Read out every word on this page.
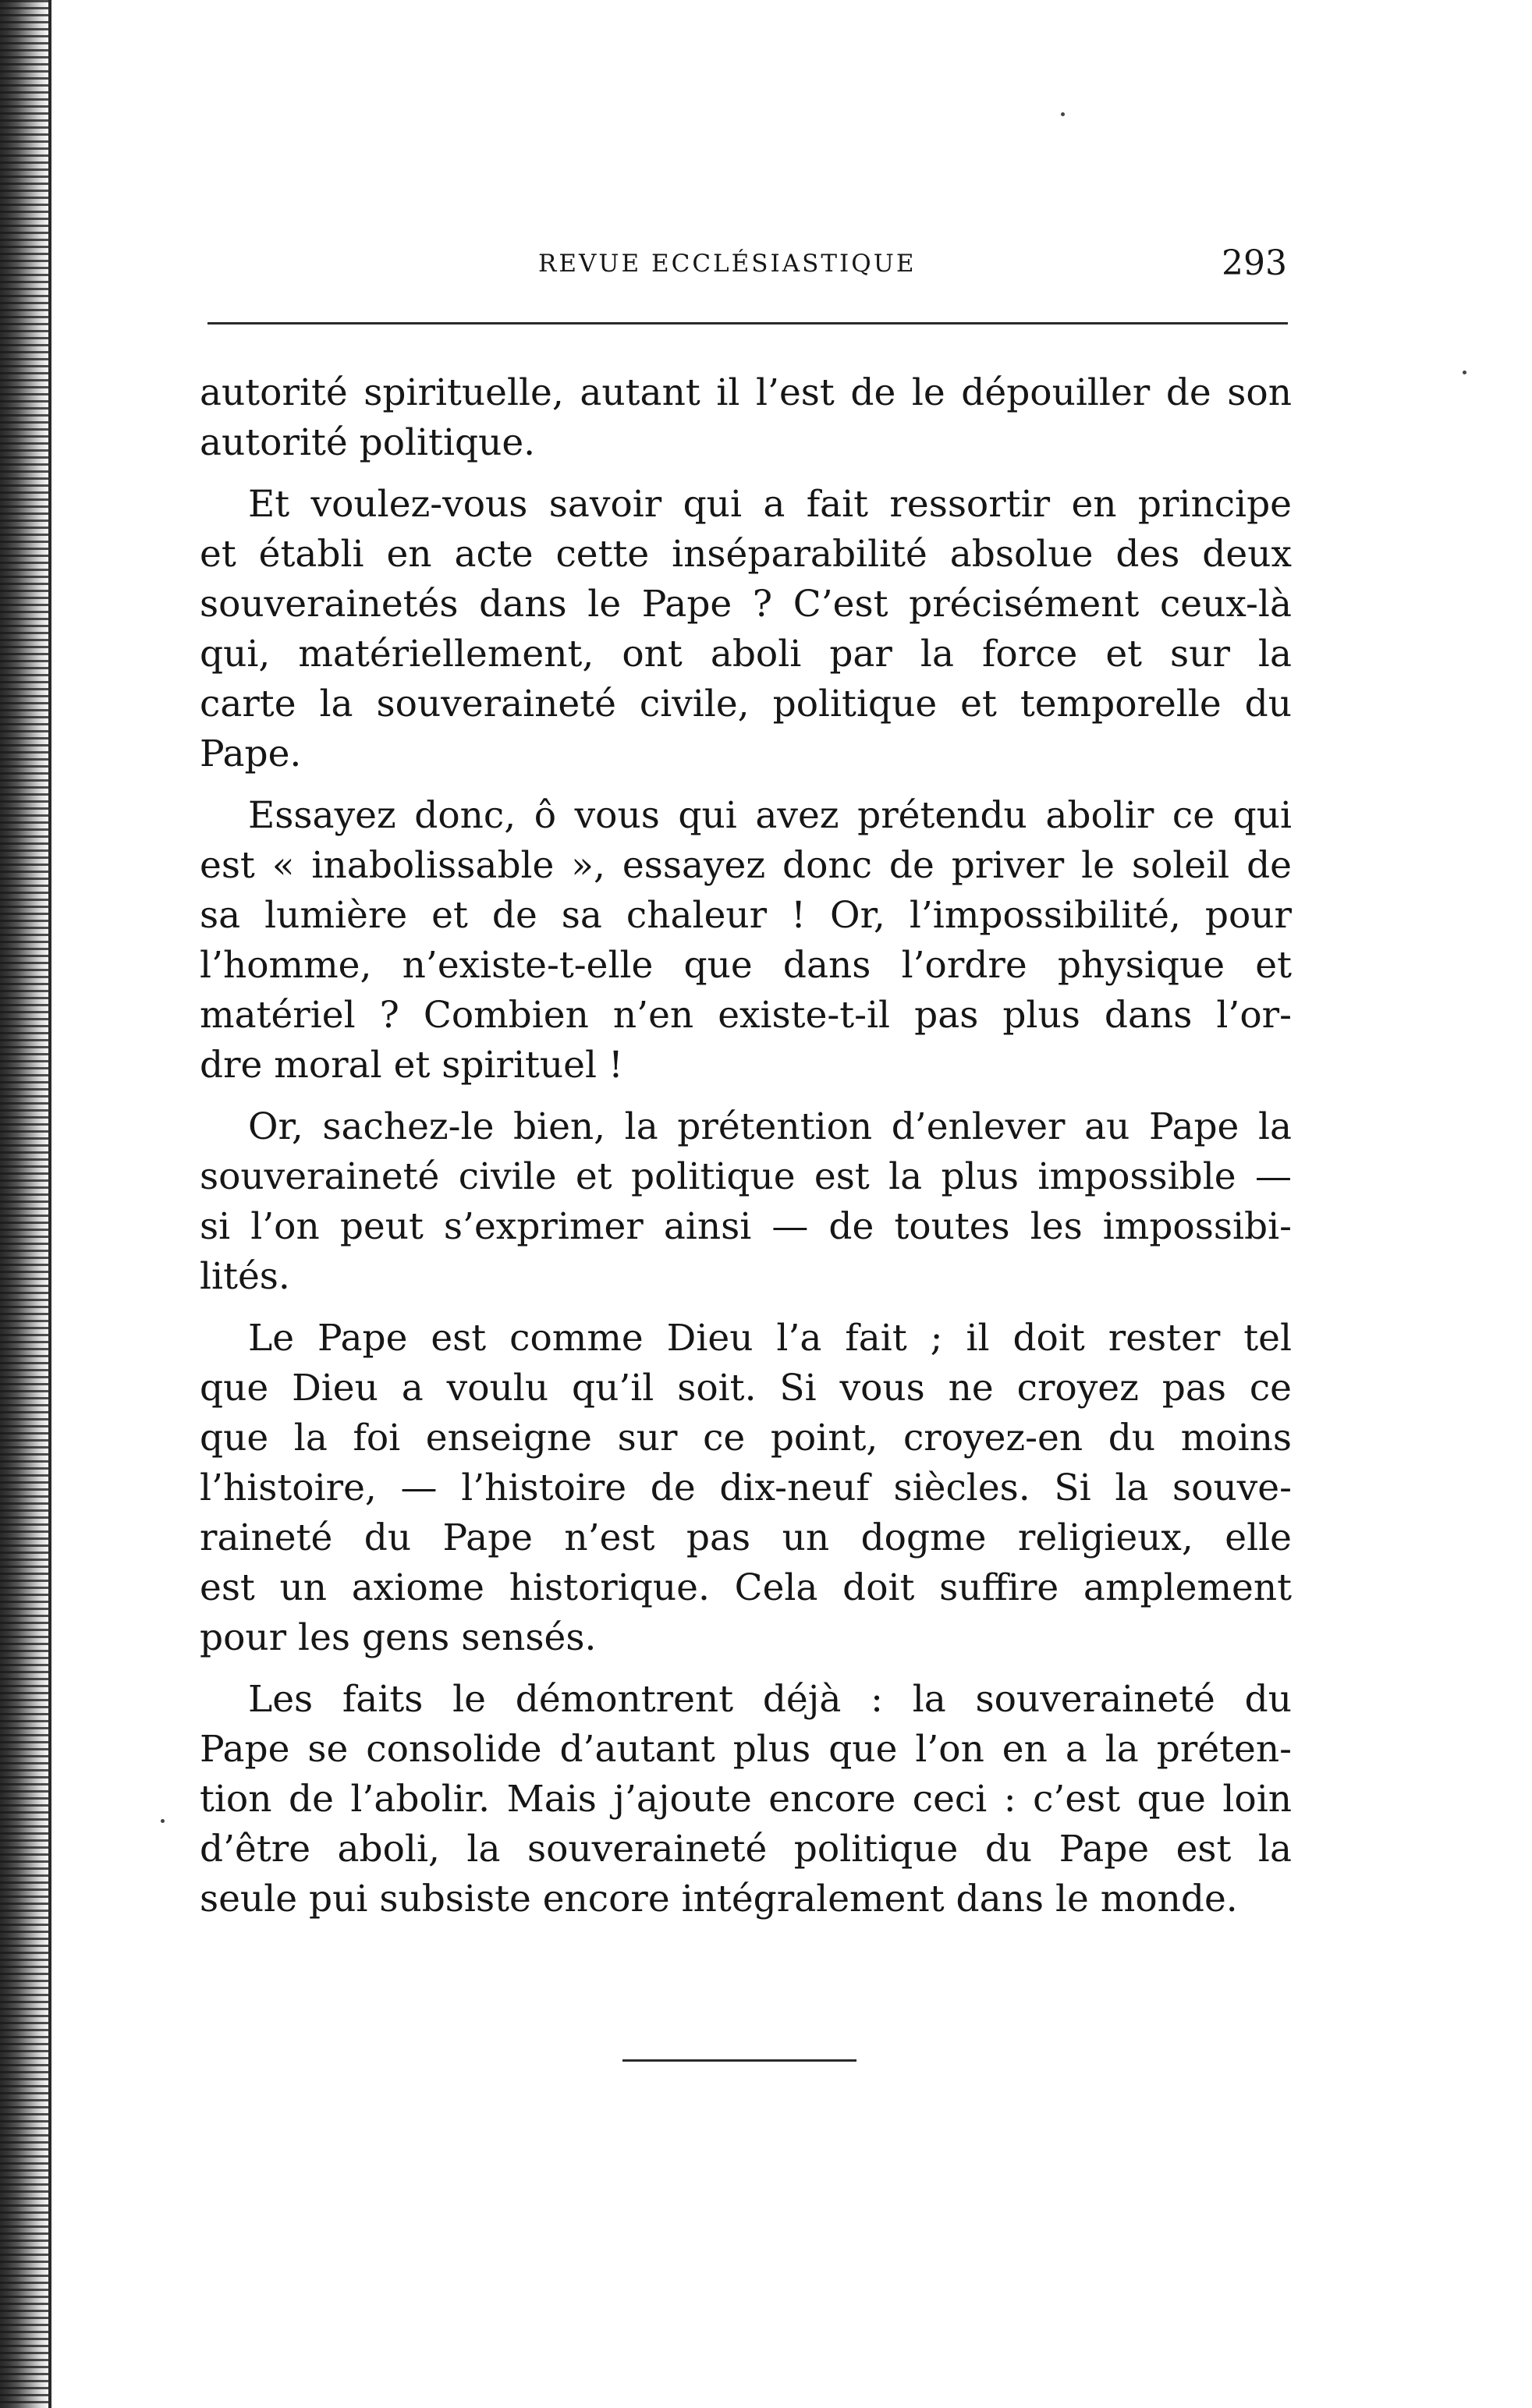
REVUE ECCLÉSIASTIQUE	293
autorité spirituelle, autant il l’est de le dépouiller de son
autorité politique.
Et voulez-vous savoir qui a fait ressortir en principe
et établi en acte cette inséparabilité absolue des deux
souverainetés dans le Pape ? C’est précisément ceux-là
qui, matériellement, ont aboli par la force et sur la
carte la souveraineté civile, politique et temporelle du
Pape.
Essayez donc, ô vous qui avez prétendu abolir ce qui
est « inabolissable », essayez donc de priver le soleil de
sa lumière et de sa chaleur ! Or, l’impossibilité, pour
l’homme, n’existe-t-elle que dans l’ordre physique et
matériel ? Combien n’en existe-t-il pas plus dans l’or-
dre moral et spirituel !
Or, sachez-le bien, la prétention d’enlever au Pape la
souveraineté civile et politique est la plus impossible —
si l’on peut s’exprimer ainsi — de toutes les impossibi-
lités.
Le Pape est comme Dieu l’a fait ; il doit rester tel
que Dieu a voulu qu’il soit. Si vous ne croyez pas ce
que la foi enseigne sur ce point, croyez-en du moins
l’histoire, — l’histoire de dix-neuf siècles. Si la souve-
raineté du Pape n’est pas un dogme religieux, elle
est un axiome historique. Cela doit suffire amplement
pour les gens sensés.
Les faits le démontrent déjà : la souveraineté du
Pape se consolide d’autant plus que l’on en a la préten-
tion de l’abolir. Mais j’ajoute encore ceci : c’est que loin
d’être aboli, la souveraineté politique du Pape est la
seule pui subsiste encore intégralement dans le monde.
